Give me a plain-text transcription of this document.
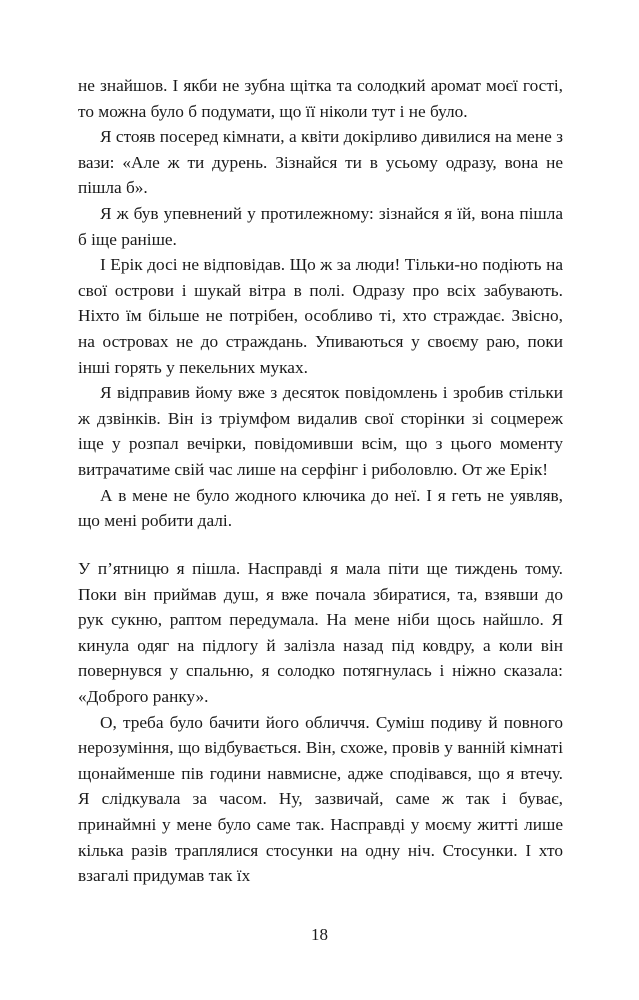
не знайшов. І якби не зубна щітка та солодкий аромат моєї гості, то можна було б подумати, що її ніколи тут і не було.

Я стояв посеред кімнати, а квіти докірливо дивилися на мене з вази: «Але ж ти дурень. Зізнайся ти в усьому одразу, вона не пішла б».

Я ж був упевнений у протилежному: зізнайся я їй, вона пішла б іще раніше.

І Ерік досі не відповідав. Що ж за люди! Тільки-но подіють на свої острови і шукай вітра в полі. Одразу про всіх забувають. Ніхто їм більше не потрібен, особливо ті, хто страждає. Звісно, на островах не до страждань. Упиваються у своєму раю, поки інші горять у пекельних муках.

Я відправив йому вже з десяток повідомлень і зробив стільки ж дзвінків. Він із тріумфом видалив свої сторінки зі соцмереж іще у розпал вечірки, повідомивши всім, що з цього моменту витрачатиме свій час лише на серфінг і риболовлю. От же Ерік!

А в мене не було жодного ключика до неї. І я геть не уявляв, що мені робити далі.

У п’ятницю я пішла. Насправді я мала піти ще тиждень тому. Поки він приймав душ, я вже почала збиратися, та, взявши до рук сукню, раптом передумала. На мене ніби щось найшло. Я кинула одяг на підлогу й залізла назад під ковдру, а коли він повернувся у спальню, я солодко потягнулась і ніжно сказала: «Доброго ранку».

О, треба було бачити його обличчя. Суміш подиву й повного нерозуміння, що відбувається. Він, схоже, провів у ванній кімнаті щонайменше пів години навмисне, адже сподівався, що я втечу. Я слідкувала за часом. Ну, зазвичай, саме ж так і буває, принаймні у мене було саме так. Насправді у моєму житті лише кілька разів траплялися стосунки на одну ніч. Стосунки. І хто взагалі придумав так їх

18
